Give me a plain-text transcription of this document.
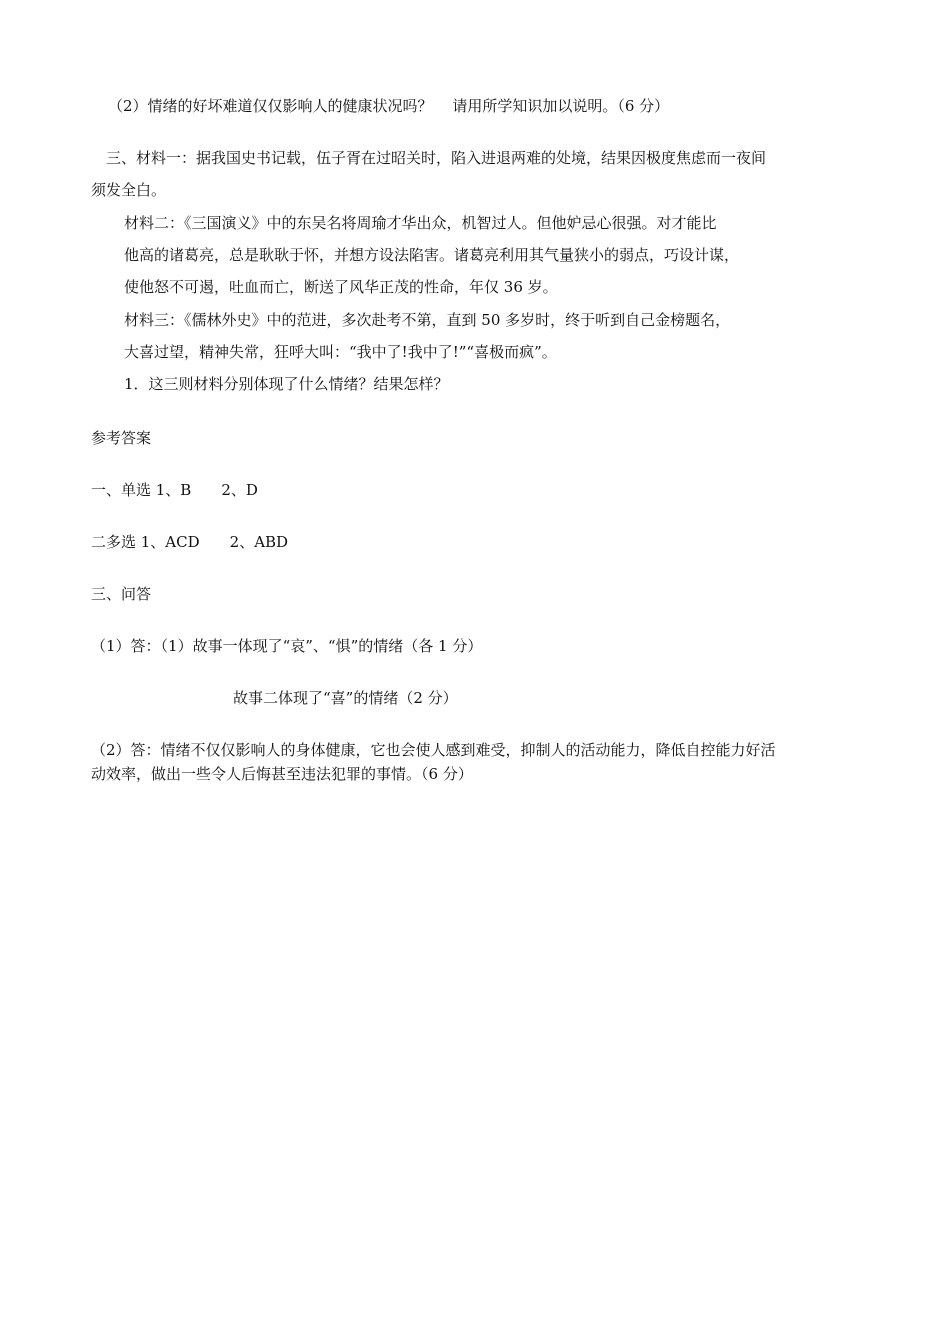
（2）情绪的好坏难道仅仅影响人的健康状况吗？　 请用所学知识加以说明。（6 分）

三、材料一：据我国史书记载，伍子胥在过昭关时，陷入进退两难的处境，结果因极度焦虑而一夜间

须发全白。

材料二：《三国演义》中的东吴名将周瑜才华出众，机智过人。但他妒忌心很强。对才能比

他高的诸葛亮，总是耿耿于怀，并想方设法陷害。诸葛亮利用其气量狭小的弱点，巧设计谋，

使他怒不可遏，吐血而亡，断送了风华正茂的性命，年仅 36 岁。

材料三：《儒林外史》中的范进，多次赴考不第，直到 50 多岁时，终于听到自己金榜题名，

大喜过望，精神失常，狂呼大叫：“我中了!我中了!”“喜极而疯”。

1．这三则材料分别体现了什么情绪？结果怎样？

参考答案

一、单选 1、B　　2、D

二多选 1、ACD　　2、ABD

三、问答

（1）答：（1）故事一体现了“哀”、“惧”的情绪（各 1 分）

故事二体现了“喜”的情绪（2 分）

（2）答：情绪不仅仅影响人的身体健康，它也会使人感到难受，抑制人的活动能力，降低自控能力好活

动效率，做出一些令人后悔甚至违法犯罪的事情。（6 分）
